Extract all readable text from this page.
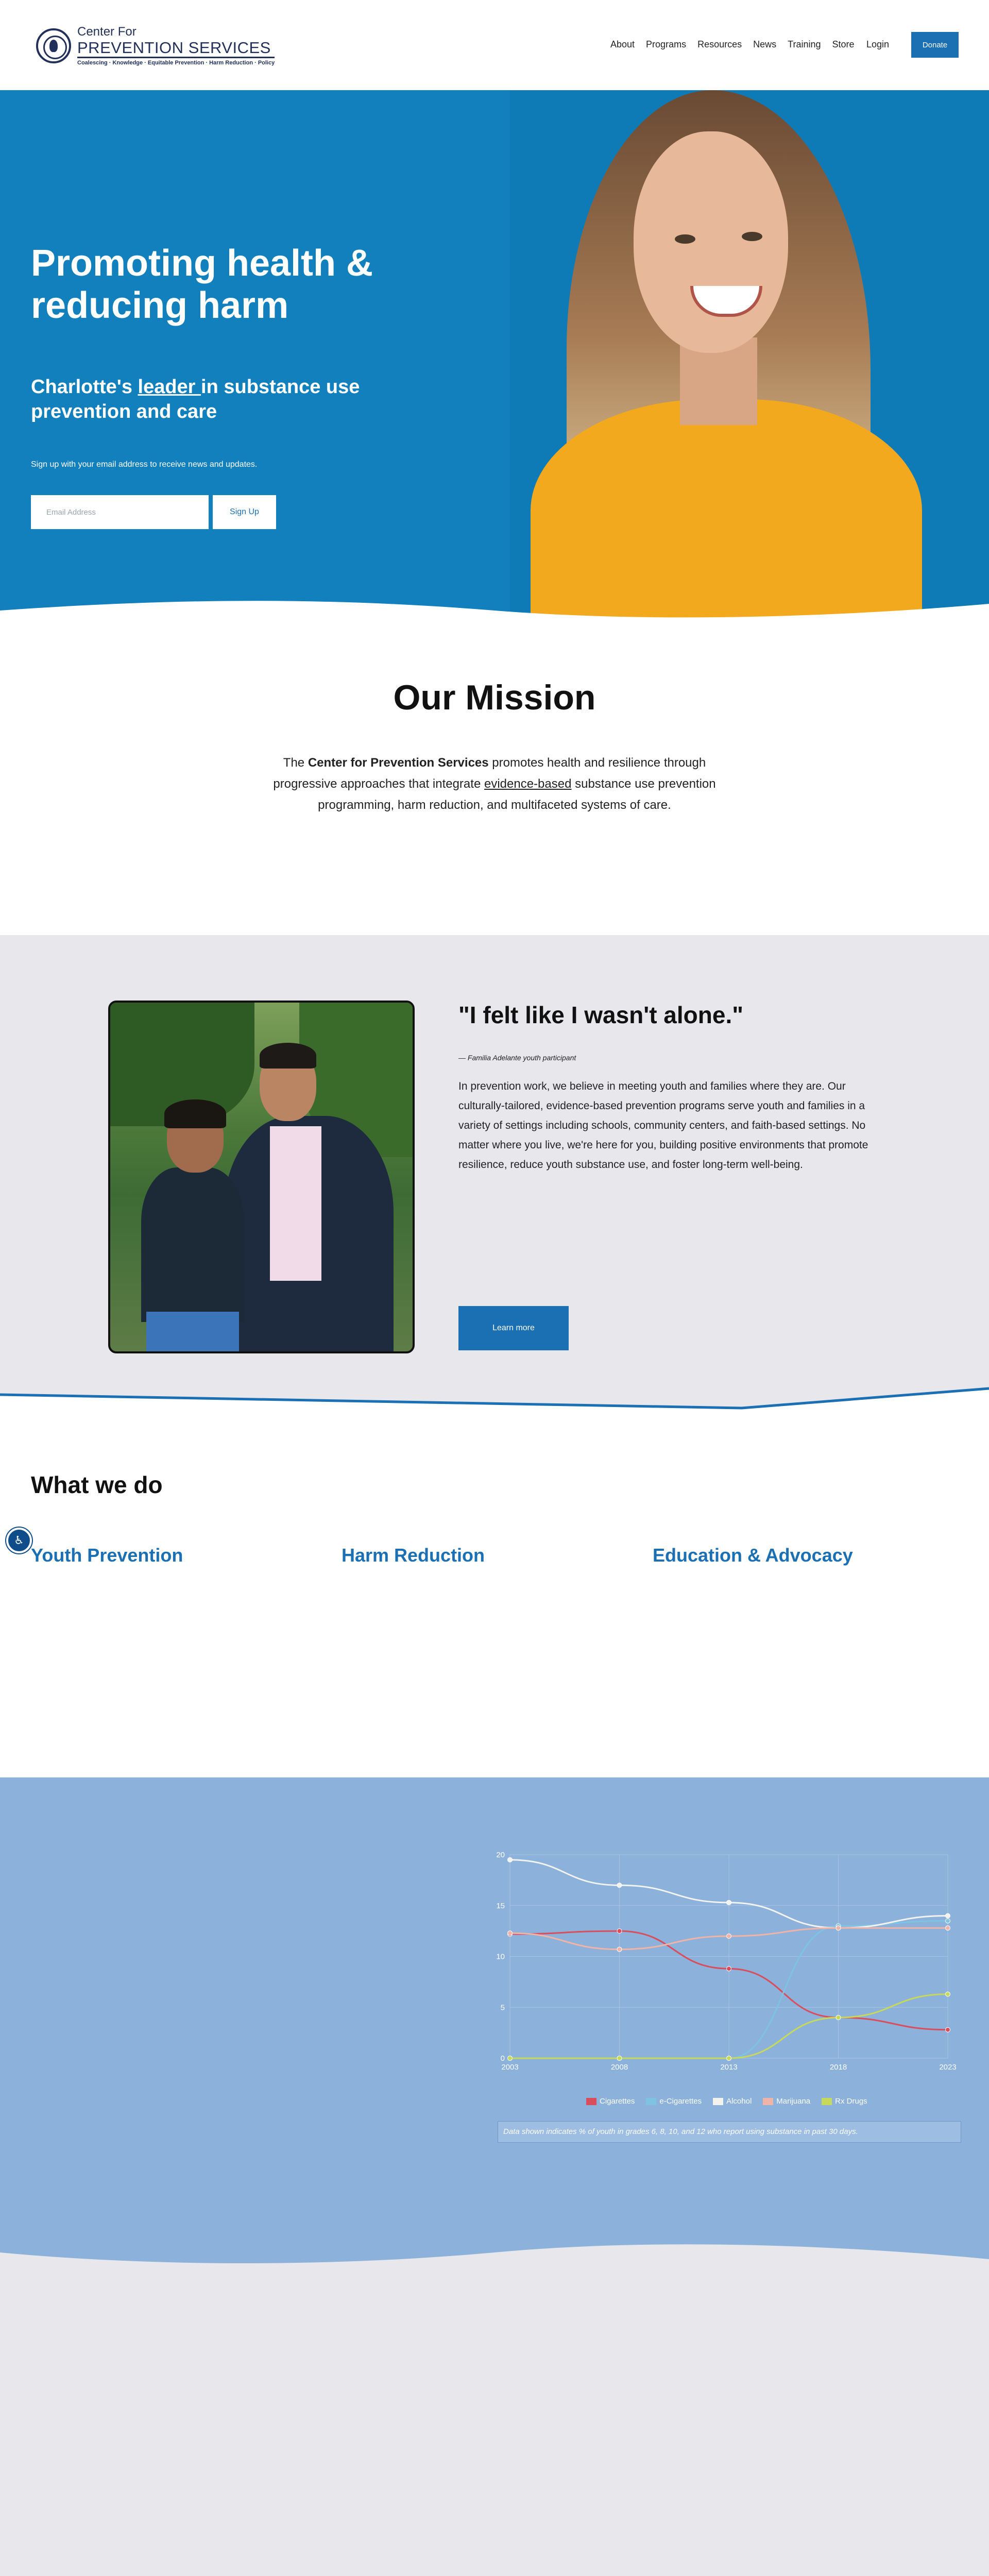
Center For
PREVENTION SERVICES
Coalescing · Knowledge · Equitable Prevention · Harm Reduction · Policy
About Programs Resources News Training Store Login	Donate
Promoting health & reducing harm
Charlotte's leader in substance use prevention and care

Sign up with your email address to receive news and updates.

Email Address
Sign Up
Our Mission

The Center for Prevention Services promotes health and resilience through progressive approaches that integrate evidence-based substance use prevention programming, harm reduction, and multifaceted systems of care.

"I felt like I wasn't alone."

— Familia Adelante youth participant

In prevention work, we believe in meeting youth and families where they are. Our culturally-tailored, evidence-based prevention programs serve youth and families in a variety of settings including schools, community centers, and faith-based settings. No matter where you live, we're here for you, building positive environments that promote resilience, reduce youth substance use, and foster long-term well-being.

Learn more
♿
What we do
Youth Prevention	Harm Reduction	Education & Advocacy
0
5
10
15
20
2003	2008	2013	2018	2023
Cigarettes	e-Cigarettes	Alcohol	Marijuana	Rx Drugs
Data shown indicates % of youth in grades 6, 8, 10, and 12 who report using substance in past 30 days.
